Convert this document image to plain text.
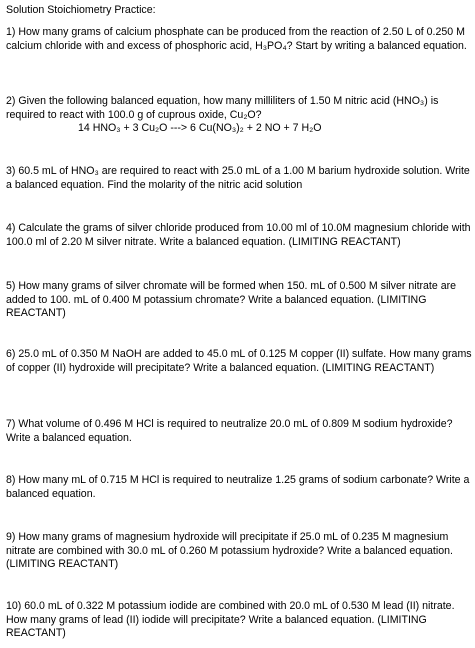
Solution Stoichiometry Practice:

1) How many grams of calcium phosphate can be produced from the reaction of 2.50 L of 0.250 M calcium chloride with and excess of phosphoric acid, H₃PO₄? Start by writing a balanced equation.

2) Given the following balanced equation, how many milliliters of 1.50 M nitric acid (HNO₃) is required to react with 100.0 g of cuprous oxide, Cu₂O?

14 HNO₃ + 3 Cu₂O ---> 6 Cu(NO₃)₂ + 2 NO + 7 H₂O

3) 60.5 mL of HNO₃ are required to react with 25.0 mL of a 1.00 M barium hydroxide solution. Write a balanced equation. Find the molarity of the nitric acid solution

4) Calculate the grams of silver chloride produced from 10.00 ml of 10.0M magnesium chloride with 100.0 ml of 2.20 M silver nitrate. Write a balanced equation. (LIMITING REACTANT)

5) How many grams of silver chromate will be formed when 150. mL of 0.500 M silver nitrate are added to 100. mL of 0.400 M potassium chromate? Write a balanced equation. (LIMITING REACTANT)

6) 25.0 mL of 0.350 M NaOH are added to 45.0 mL of 0.125 M copper (II) sulfate. How many grams of copper (II) hydroxide will precipitate? Write a balanced equation. (LIMITING REACTANT)

7) What volume of 0.496 M HCl is required to neutralize 20.0 mL of 0.809 M sodium hydroxide? Write a balanced equation.

8) How many mL of 0.715 M HCl is required to neutralize 1.25 grams of sodium carbonate? Write a balanced equation.

9) How many grams of magnesium hydroxide will precipitate if 25.0 mL of 0.235 M magnesium nitrate are combined with 30.0 mL of 0.260 M potassium hydroxide? Write a balanced equation. (LIMITING REACTANT)

10) 60.0 mL of 0.322 M potassium iodide are combined with 20.0 mL of 0.530 M lead (II) nitrate. How many grams of lead (II) iodide will precipitate? Write a balanced equation. (LIMITING REACTANT)
